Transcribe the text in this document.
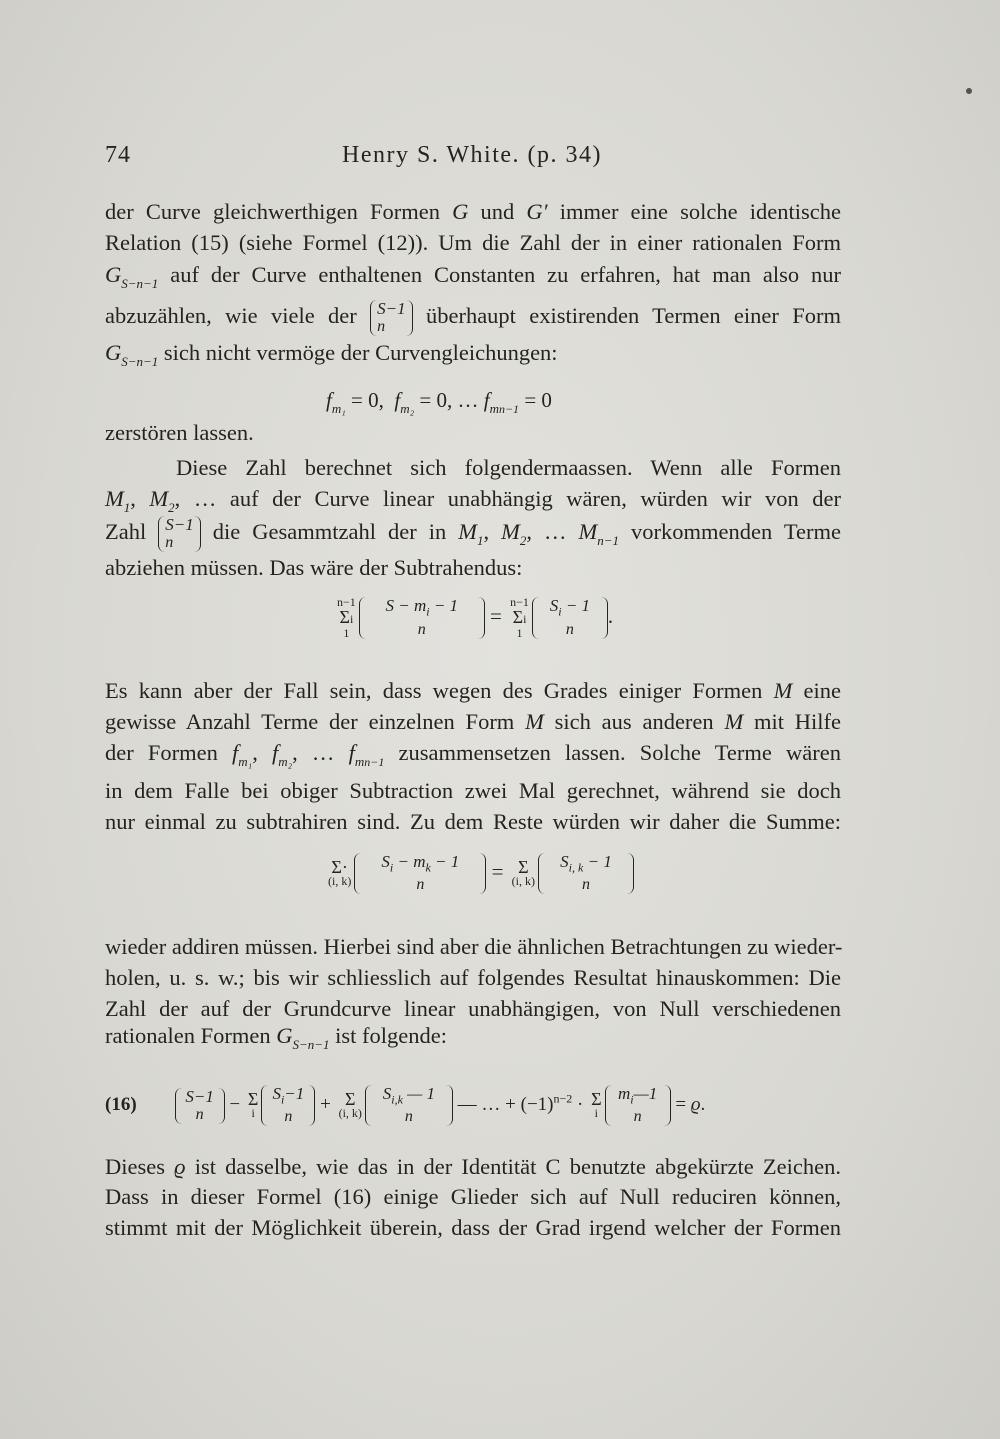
74	Henry S. White. (p. 34)
der Curve gleichwerthigen Formen G und G′ immer eine solche identische
Relation (15) (siehe Formel (12)). Um die Zahl der in einer rationalen Form
$G_{S-n-1}$ auf der Curve enthaltenen Constanten zu erfahren, hat man also nur
abzuzählen, wie viele der S−1
n	überhaupt existirenden Termen einer Form
$G_{S-n-1}$ sich nicht vermöge der Curvengleichungen:
$f_{m_1} = 0$,  $f_{m_2} = 0$, … $f_{mn-1} = 0$
zerstören lassen.
Diese Zahl berechnet sich folgendermaassen. Wenn alle Formen
$M_1$, $M_2$, … auf der Curve linear unabhängig wären, würden wir von der
Zahl S−1
n	die Gesammtzahl der in $M_1$, $M_2$, … $M_{n-1}$ vorkommenden Terme
abziehen müssen. Das wäre der Subtrahendus:
n−1
Σi
1
$S - m_i - 1$
n
= n−1
Σi
1
$S_i - 1$
n
.
Es kann aber der Fall sein, dass wegen des Grades einiger Formen M eine
gewisse Anzahl Terme der einzelnen Form M sich aus anderen M mit Hilfe
der Formen $f_{m_1}$, $f_{m_2}$, … $f_{mn-1}$ zusammensetzen lassen. Solche Terme wären
in dem Falle bei obiger Subtraction zwei Mal gerechnet, während sie doch
nur einmal zu subtrahiren sind. Zu dem Reste würden wir daher die Summe:
Σ·
(i, k)
$S_i - m_k - 1$
n
= Σ
(i, k)
$S_{i, k} - 1$
n
wieder addiren müssen. Hierbei sind aber die ähnlichen Betrachtungen zu wieder-
holen, u. s. w.; bis wir schliesslich auf folgendes Resultat hinauskommen: Die
Zahl der auf der Grundcurve linear unabhängigen, von Null verschiedenen
rationalen Formen $G_{S-n-1}$ ist folgende:
(16)	S−1
n	− Σ
i
$S_i-1$
n
+ Σ
(i, k)
$S_{i,k}$ — 1
n
— … + $(-1)^{n-2} \cdot \Sigma$
i
$m_i—1$
n
= ϱ.
Dieses ϱ ist dasselbe, wie das in der Identität C benutzte abgekürzte Zeichen.
Dass in dieser Formel (16) einige Glieder sich auf Null reduciren können,
stimmt mit der Möglichkeit überein, dass der Grad irgend welcher der Formen
